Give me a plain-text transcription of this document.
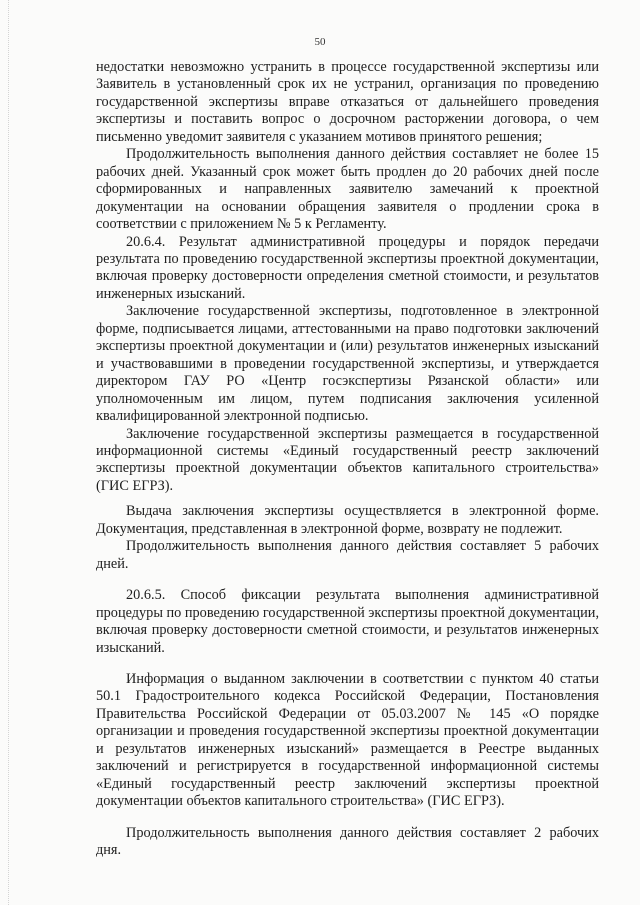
50

недостатки невозможно устранить в процессе государственной экспертизы или Заявитель в установленный срок их не устранил, организация по проведению государственной экспертизы вправе отказаться от дальнейшего проведения экспертизы и поставить вопрос о досрочном расторжении договора, о чем письменно уведомит заявителя с указанием мотивов принятого решения;

Продолжительность выполнения данного действия составляет не более 15 рабочих дней. Указанный срок может быть продлен до 20 рабочих дней после сформированных и направленных заявителю замечаний к проектной документации на основании обращения заявителя о продлении срока в соответствии с приложением № 5 к Регламенту.

20.6.4. Результат административной процедуры и порядок передачи результата по проведению государственной экспертизы проектной документации, включая проверку достоверности определения сметной стоимости, и результатов инженерных изысканий.

Заключение государственной экспертизы, подготовленное в электронной форме, подписывается лицами, аттестованными на право подготовки заключений экспертизы проектной документации и (или) результатов инженерных изысканий и участвовавшими в проведении государственной экспертизы, и утверждается директором ГАУ РО «Центр госэкспертизы Рязанской области» или уполномоченным им лицом, путем подписания заключения усиленной квалифицированной электронной подписью.

Заключение государственной экспертизы размещается в государственной информационной системы «Единый государственный реестр заключений экспертизы проектной документации объектов капитального строительства» (ГИС ЕГРЗ).

Выдача заключения экспертизы осуществляется в электронной форме. Документация, представленная в электронной форме, возврату не подлежит.

Продолжительность выполнения данного действия составляет 5 рабочих дней.

20.6.5. Способ фиксации результата выполнения административной процедуры по проведению государственной экспертизы проектной документации, включая проверку достоверности сметной стоимости, и результатов инженерных изысканий.

Информация о выданном заключении в соответствии с пунктом 40 статьи 50.1 Градостроительного кодекса Российской Федерации, Постановления Правительства Российской Федерации от 05.03.2007 № 145 «О порядке организации и проведения государственной экспертизы проектной документации и результатов инженерных изысканий» размещается в Реестре выданных заключений и регистрируется в государственной информационной системы «Единый государственный реестр заключений экспертизы проектной документации объектов капитального строительства» (ГИС ЕГРЗ).

Продолжительность выполнения данного действия составляет 2 рабочих дня.
